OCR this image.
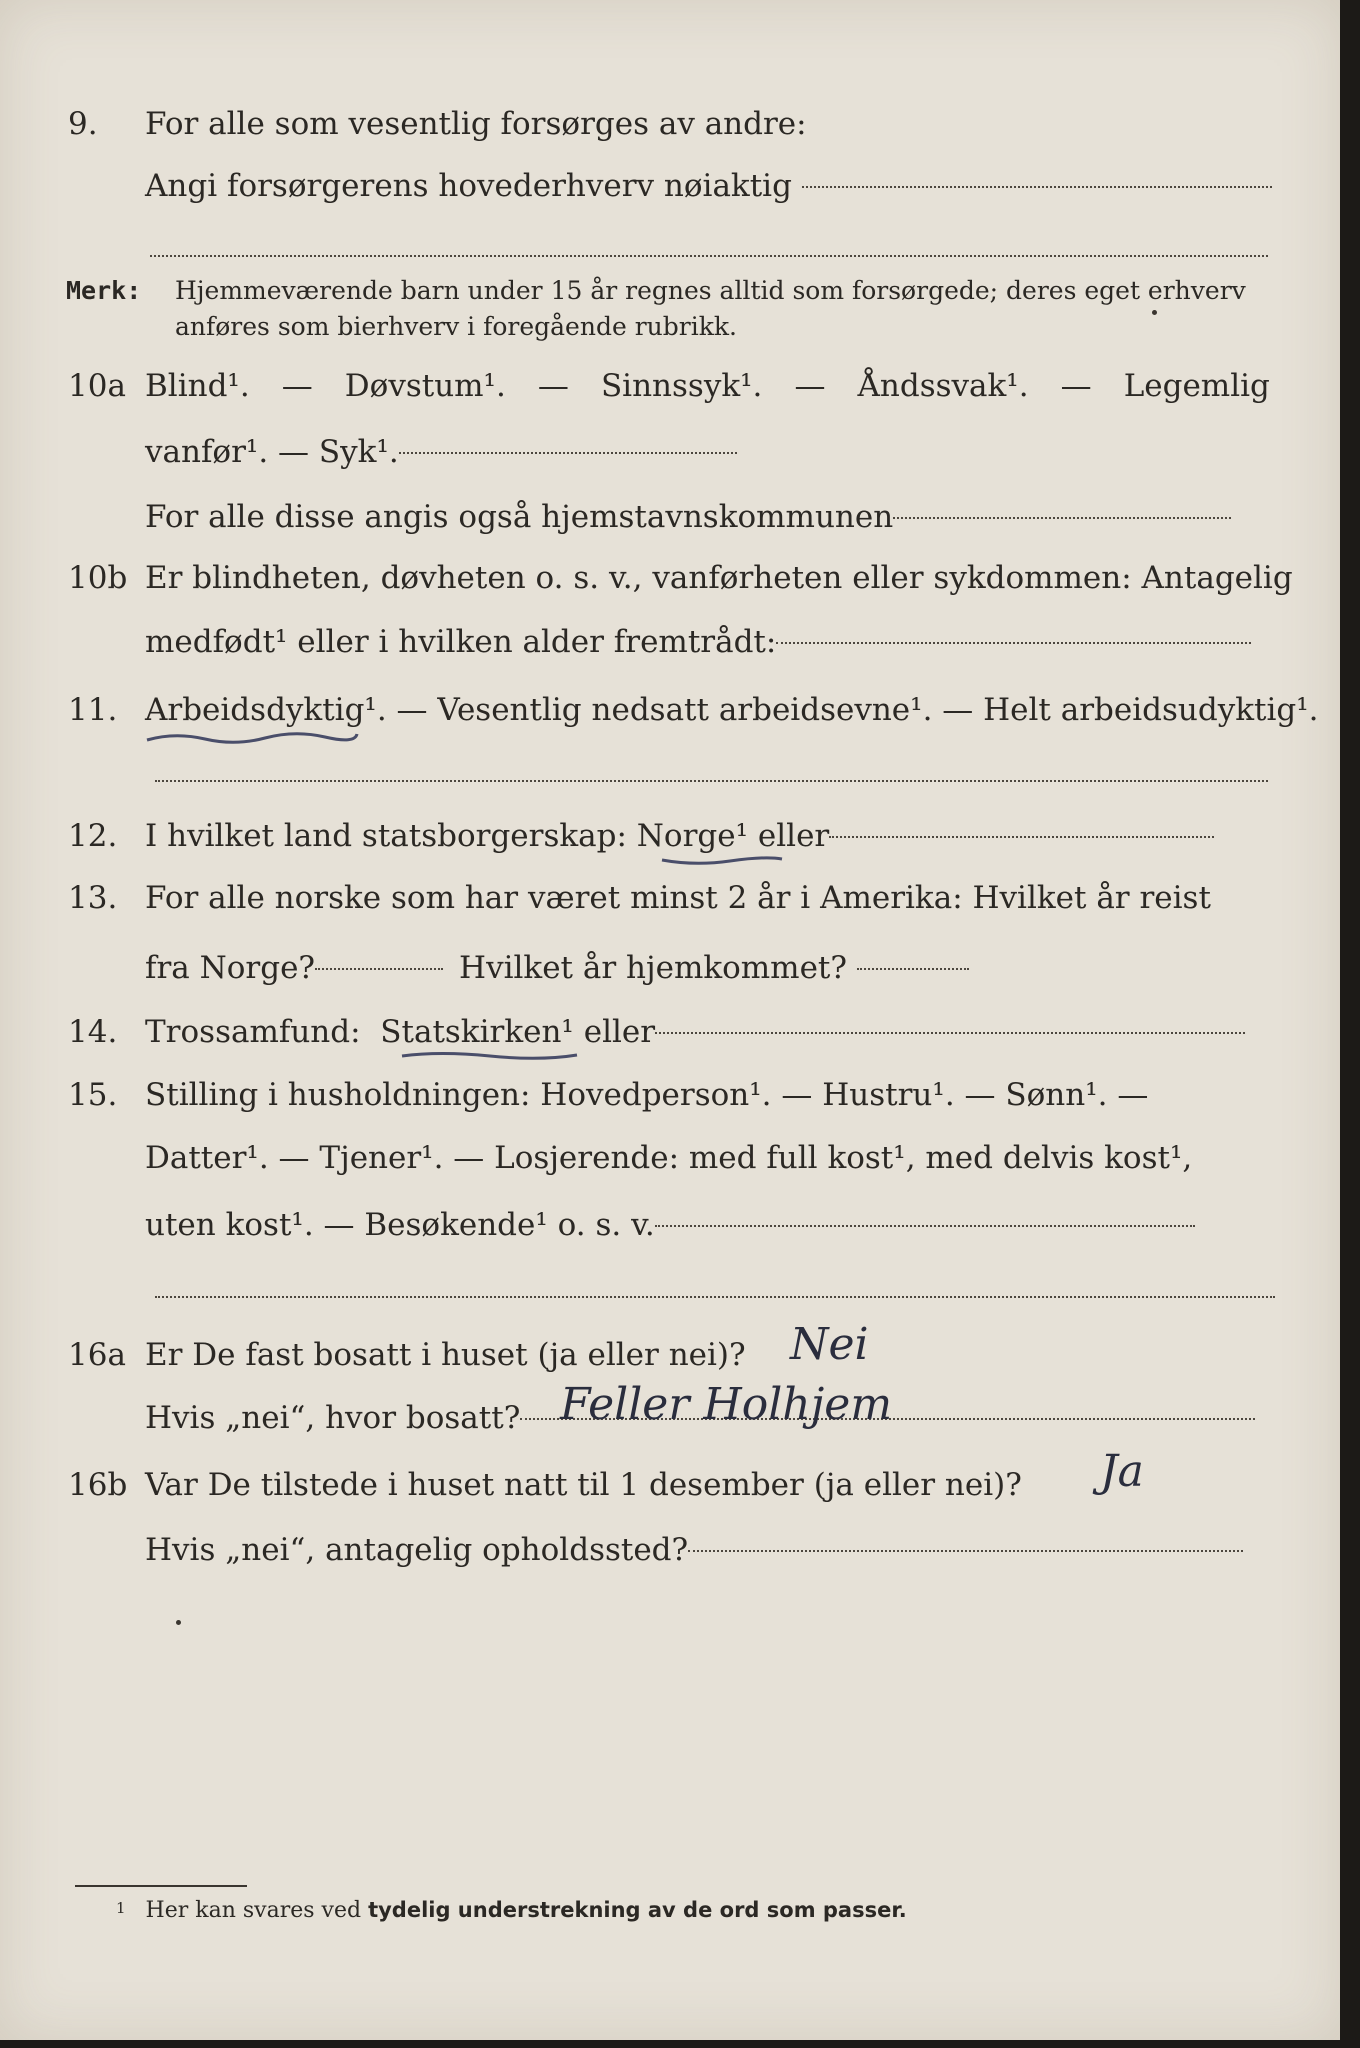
9. For alle som vesentlig forsørges av andre:
Angi forsørgerens hovederhverv nøiaktig
Merk: Hjemmeværende barn under 15 år regnes alltid som forsørgede; deres eget erhverv
anføres som bierhverv i foregående rubrikk.
10a Blind¹. — Døvstum¹. — Sinnssyk¹. — Åndssvak¹. — Legemlig
vanfør¹. — Syk¹.
For alle disse angis også hjemstavnskommunen
10b Er blindheten, døvheten o. s. v., vanførheten eller sykdommen: Antagelig
medfødt¹ eller i hvilken alder fremtrådt:
11. Arbeidsdyktig¹. — Vesentlig nedsatt arbeidsevne¹. — Helt arbeidsudyktig¹.
12. I hvilket land statsborgerskap: Norge¹ eller
13. For alle norske som har været minst 2 år i Amerika: Hvilket år reist
fra Norge?	Hvilket år hjemkommet?
14. Trossamfund: Statskirken¹ eller
15. Stilling i husholdningen: Hovedperson¹. — Hustru¹. — Sønn¹. —
Datter¹. — Tjener¹. — Losjerende: med full kost¹, med delvis kost¹,
uten kost¹. — Besøkende¹ o. s. v.
16a Er De fast bosatt i huset (ja eller nei)? Nei
Hvis „nei“, hvor bosatt? Feller Holhjem
16b Var De tilstede i huset natt til 1 desember (ja eller nei)? Ja
Hvis „nei“, antagelig opholdssted?
1 Her kan svares ved tydelig understrekning av de ord som passer.
